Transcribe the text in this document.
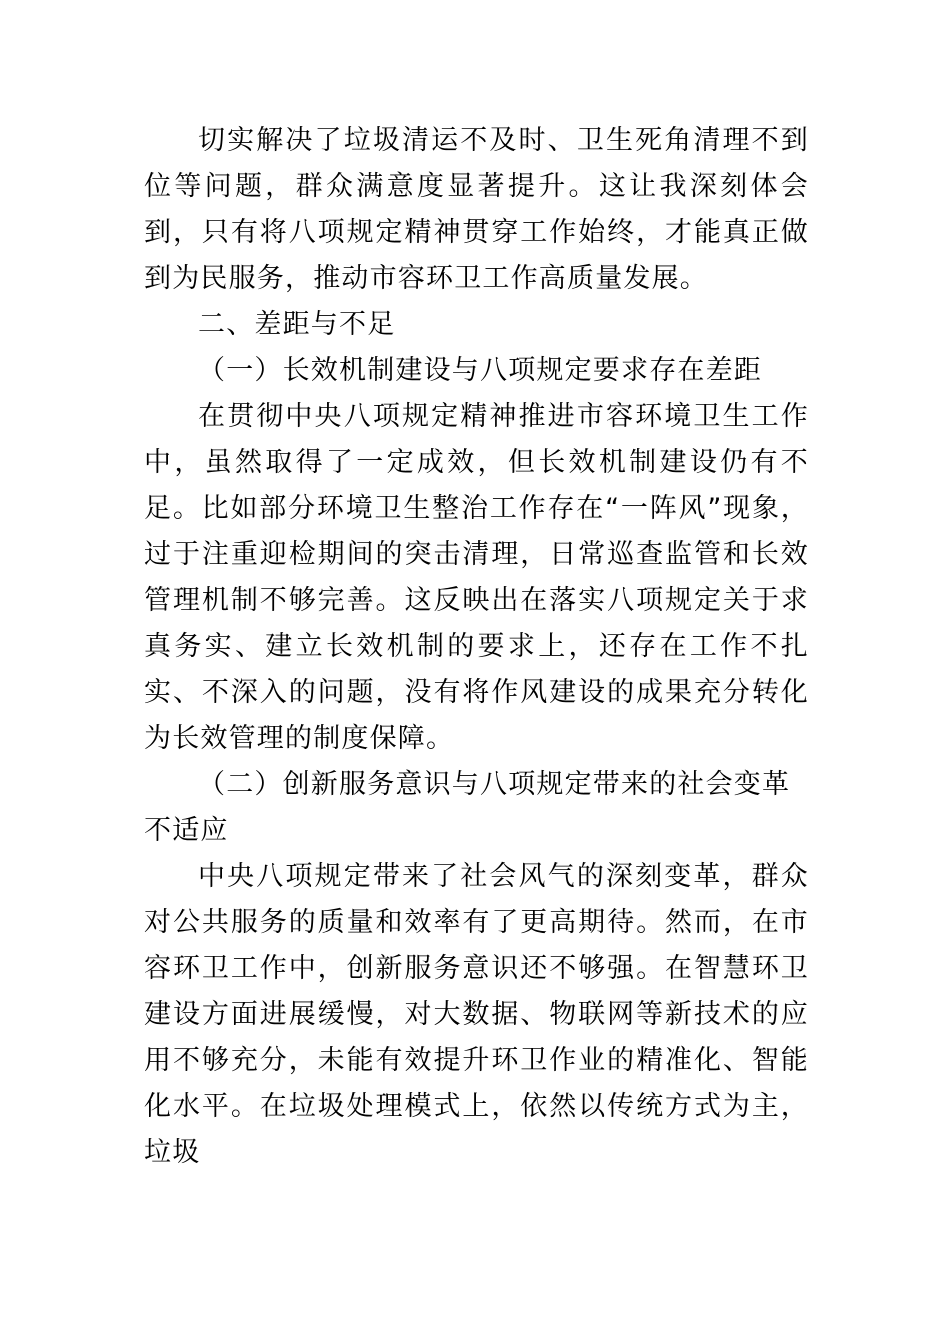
切实解决了垃圾清运不及时、卫生死角清理不到位等问题，群众满意度显著提升。这让我深刻体会到，只有将八项规定精神贯穿工作始终，才能真正做到为民服务，推动市容环卫工作高质量发展。

二、差距与不足

（一）长效机制建设与八项规定要求存在差距

在贯彻中央八项规定精神推进市容环境卫生工作中，虽然取得了一定成效，但长效机制建设仍有不足。比如部分环境卫生整治工作存在“一阵风”现象，过于注重迎检期间的突击清理，日常巡查监管和长效管理机制不够完善。这反映出在落实八项规定关于求真务实、建立长效机制的要求上，还存在工作不扎实、不深入的问题，没有将作风建设的成果充分转化为长效管理的制度保障。

（二）创新服务意识与八项规定带来的社会变革不适应

中央八项规定带来了社会风气的深刻变革，群众对公共服务的质量和效率有了更高期待。然而，在市容环卫工作中，创新服务意识还不够强。在智慧环卫建设方面进展缓慢，对大数据、物联网等新技术的应用不够充分，未能有效提升环卫作业的精准化、智能化水平。在垃圾处理模式上，依然以传统方式为主，垃圾
